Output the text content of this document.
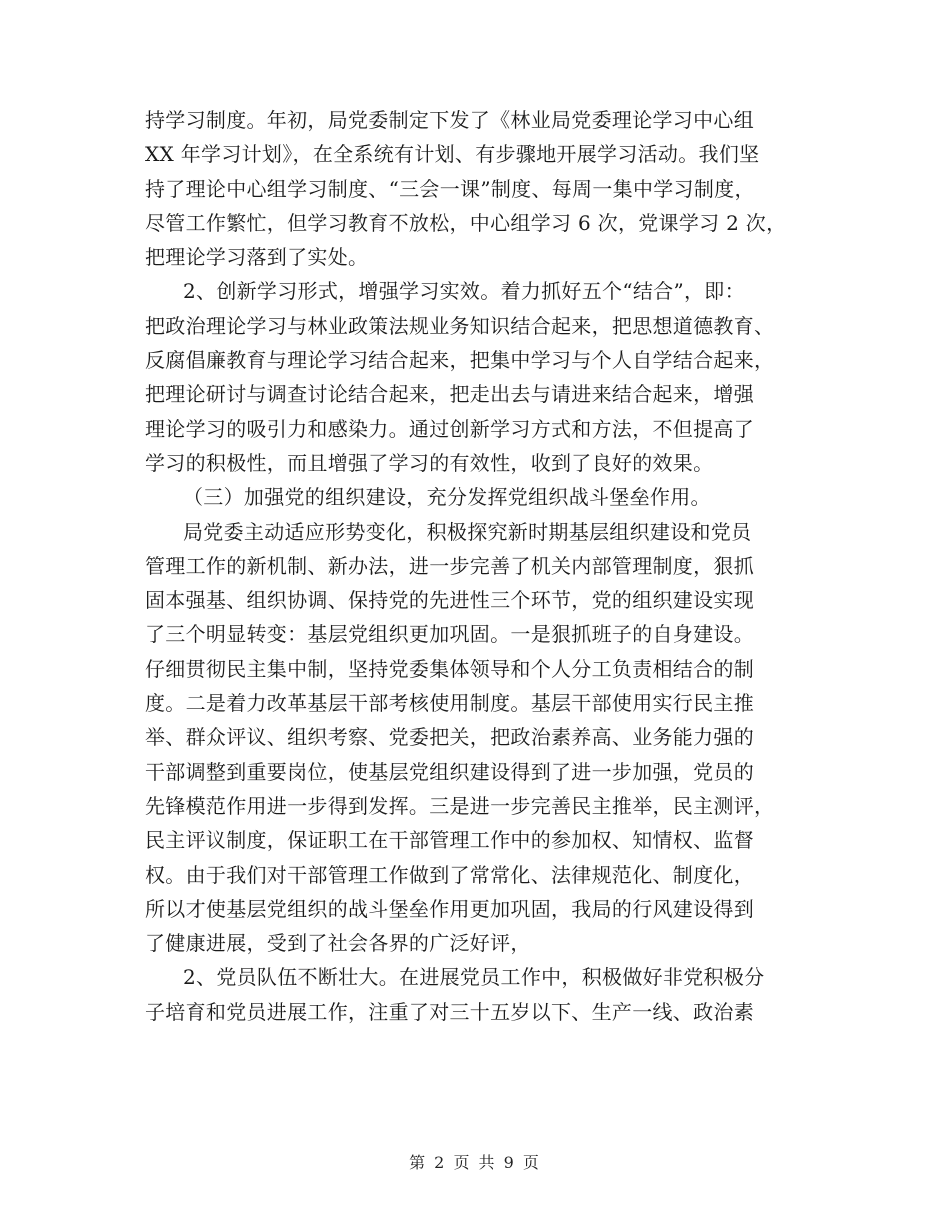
持学习制度。年初，局党委制定下发了《林业局党委理论学习中心组
XX 年学习计划》，在全系统有计划、有步骤地开展学习活动。我们坚
持了理论中心组学习制度、“三会一课”制度、每周一集中学习制度，
尽管工作繁忙，但学习教育不放松，中心组学习 6 次，党课学习 2 次，
把理论学习落到了实处。
2、创新学习形式，增强学习实效。着力抓好五个“结合”，即：
把政治理论学习与林业政策法规业务知识结合起来，把思想道德教育、
反腐倡廉教育与理论学习结合起来，把集中学习与个人自学结合起来，
把理论研讨与调查讨论结合起来，把走出去与请进来结合起来，增强
理论学习的吸引力和感染力。通过创新学习方式和方法，不但提高了
学习的积极性，而且增强了学习的有效性，收到了良好的效果。
（三）加强党的组织建设，充分发挥党组织战斗堡垒作用。
局党委主动适应形势变化，积极探究新时期基层组织建设和党员
管理工作的新机制、新办法，进一步完善了机关内部管理制度，狠抓
固本强基、组织协调、保持党的先进性三个环节，党的组织建设实现
了三个明显转变：基层党组织更加巩固。一是狠抓班子的自身建设。
仔细贯彻民主集中制，坚持党委集体领导和个人分工负责相结合的制
度。二是着力改革基层干部考核使用制度。基层干部使用实行民主推
举、群众评议、组织考察、党委把关，把政治素养高、业务能力强的
干部调整到重要岗位，使基层党组织建设得到了进一步加强，党员的
先锋模范作用进一步得到发挥。三是进一步完善民主推举，民主测评，
民主评议制度，保证职工在干部管理工作中的参加权、知情权、监督
权。由于我们对干部管理工作做到了常常化、法律规范化、制度化，
所以才使基层党组织的战斗堡垒作用更加巩固，我局的行风建设得到
了健康进展，受到了社会各界的广泛好评，
2、党员队伍不断壮大。在进展党员工作中，积极做好非党积极分
子培育和党员进展工作，注重了对三十五岁以下、生产一线、政治素
第 2 页 共 9 页
